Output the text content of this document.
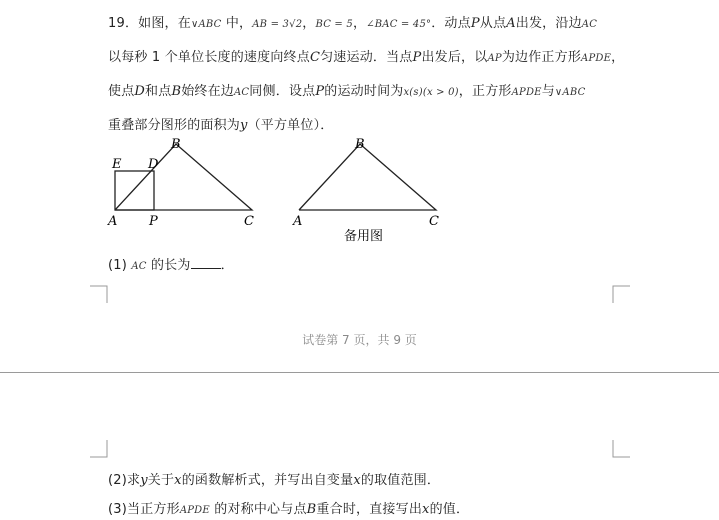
19．如图，在∨ABC 中，AB = 3√2，BC = 5，∠BAC = 45°．动点P从点A出发，沿边AC
以每秒 1 个单位长度的速度向终点C匀速运动．当点P出发后，以AP为边作正方形APDE，
使点D和点B始终在边AC同侧．设点P的运动时间为x(s)(x > 0)，正方形APDE与∨ABC
重叠部分图形的面积为y（平方单位）．
E D
B
A P	C
B
A	C
备用图
(1) AC 的长为 ．
试卷第 7 页，共 9 页
(2)求y关于x的函数解析式，并写出自变量x的取值范围．
(3)当正方形APDE 的对称中心与点B重合时，直接写出x的值．
